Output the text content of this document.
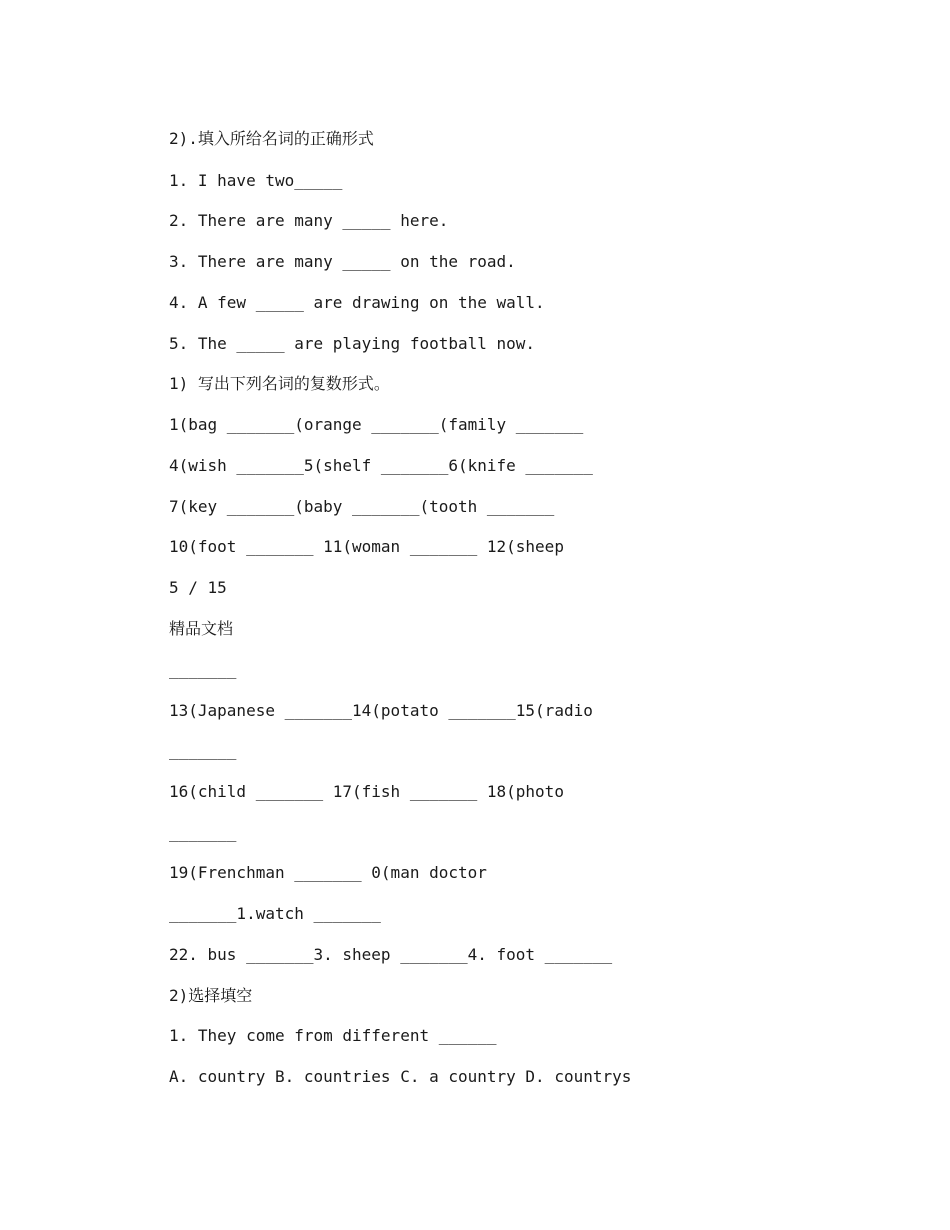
2).填入所给名词的正确形式
1. I have two_____
2. There are many _____ here.
3. There are many _____ on the road.
4. A few _____ are drawing on the wall.
5. The _____ are playing football now.
1) 写出下列名词的复数形式。
1(bag _______(orange _______(family _______
4(wish _______5(shelf _______6(knife _______
7(key _______(baby _______(tooth _______
10(foot _______ 11(woman _______ 12(sheep
5 / 15
精品文档
_______
13(Japanese _______14(potato _______15(radio
_______
16(child _______ 17(fish _______ 18(photo
_______
19(Frenchman _______ 0(man doctor
_______1.watch _______
22. bus _______3. sheep _______4. foot _______
2)选择填空
1. They come from different ______
A. country B. countries C. a country D. countrys
